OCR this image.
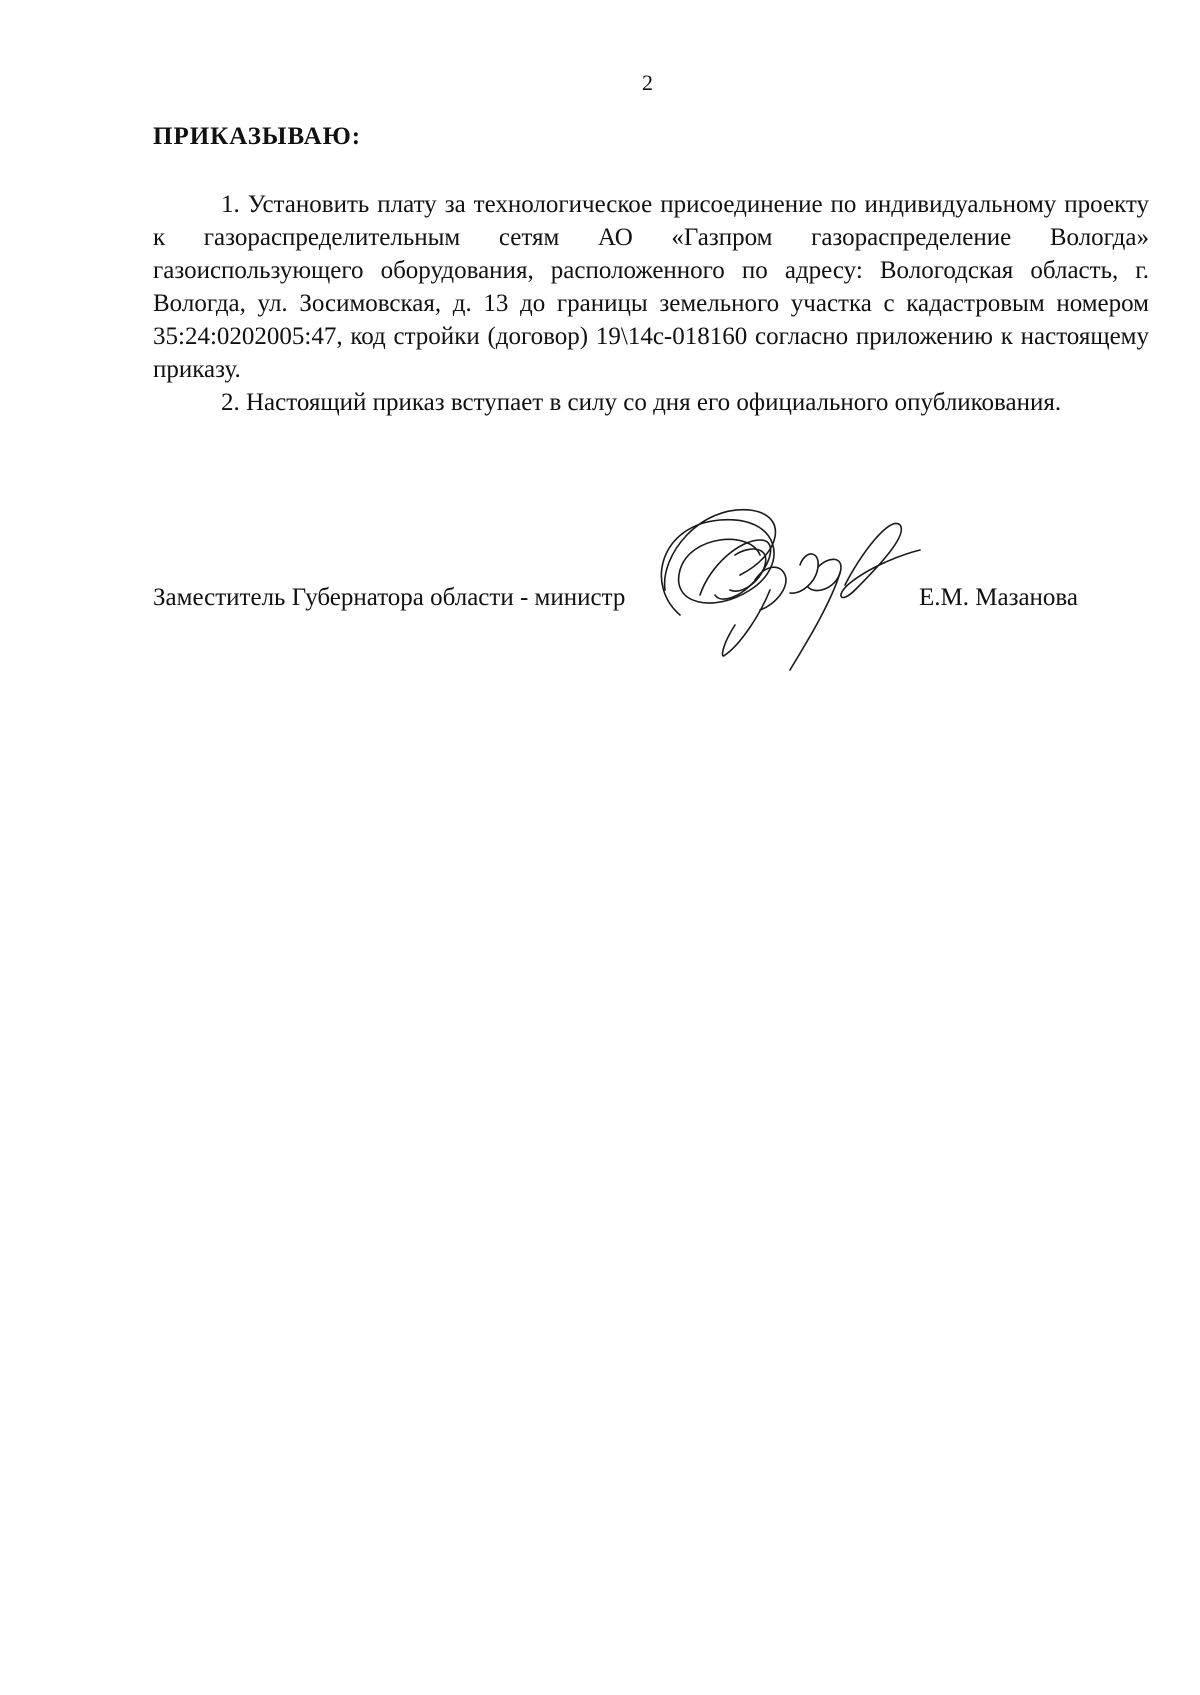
2
ПРИКАЗЫВАЮ:

1. Установить плату за технологическое присоединение по индивидуальному проекту к газораспределительным сетям АО «Газпром газораспределение Вологда» газоиспользующего оборудования, расположенного по адресу: Вологодская область, г. Вологда, ул. Зосимовская, д. 13 до границы земельного участка с кадастровым номером 35:24:0202005:47, код стройки (договор) 19\14с-018160 согласно приложению к настоящему приказу.

2. Настоящий приказ вступает в силу со дня его официального опубликования.

Заместитель Губернатора области - министр	Е.М. Мазанова
